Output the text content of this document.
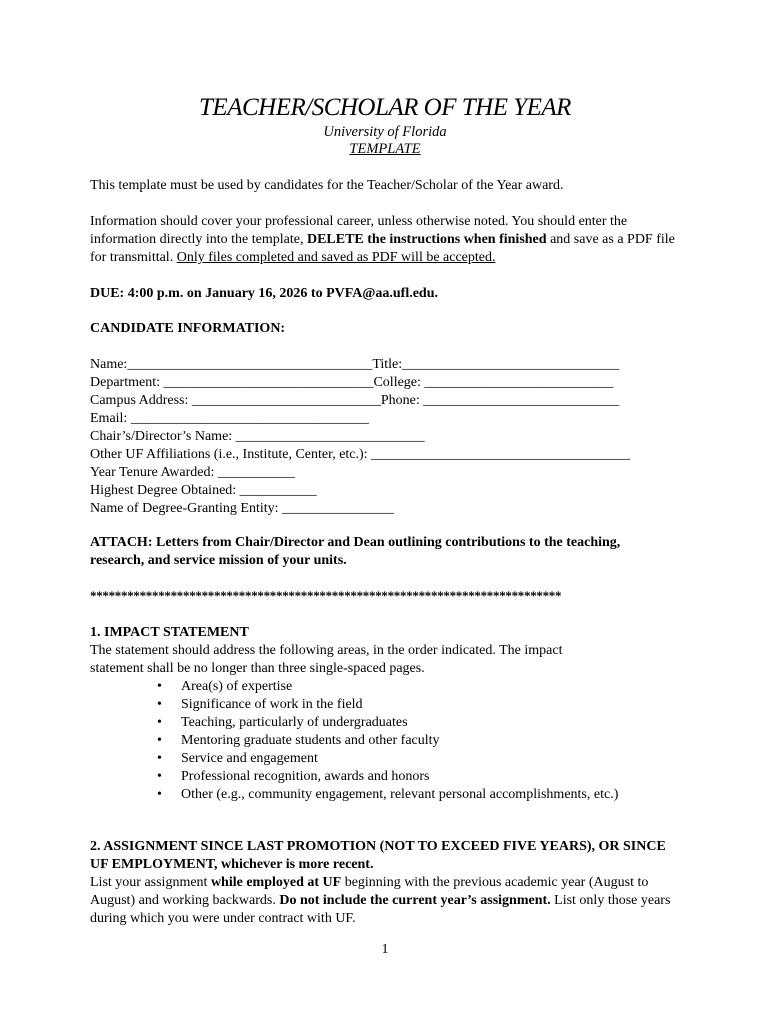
TEACHER/SCHOLAR OF THE YEAR
University of Florida
TEMPLATE
This template must be used by candidates for the Teacher/Scholar of the Year award.
Information should cover your professional career, unless otherwise noted. You should enter the information directly into the template, DELETE the instructions when finished and save as a PDF file for transmittal. Only files completed and saved as PDF will be accepted.
DUE: 4:00 p.m. on January 16, 2026 to PVFA@aa.ufl.edu.
CANDIDATE INFORMATION:
Name:___________________________________Title:_______________________________
Department: ______________________________College: ___________________________
Campus Address: ___________________________Phone: ____________________________
Email: __________________________________
Chair’s/Director’s Name: ___________________________
Other UF Affiliations (i.e., Institute, Center, etc.): _____________________________________
Year Tenure Awarded: ___________
Highest Degree Obtained: ___________
Name of Degree-Granting Entity: ________________
ATTACH: Letters from Chair/Director and Dean outlining contributions to the teaching, research, and service mission of your units.
****************************************************************************
1. IMPACT STATEMENT
The statement should address the following areas, in the order indicated. The impact statement shall be no longer than three single-spaced pages.
• Area(s) of expertise
• Significance of work in the field
• Teaching, particularly of undergraduates
• Mentoring graduate students and other faculty
• Service and engagement
• Professional recognition, awards and honors
• Other (e.g., community engagement, relevant personal accomplishments, etc.)
2. ASSIGNMENT SINCE LAST PROMOTION (NOT TO EXCEED FIVE YEARS), OR SINCE UF EMPLOYMENT, whichever is more recent.
List your assignment while employed at UF beginning with the previous academic year (August to August) and working backwards. Do not include the current year’s assignment. List only those years during which you were under contract with UF.
1
